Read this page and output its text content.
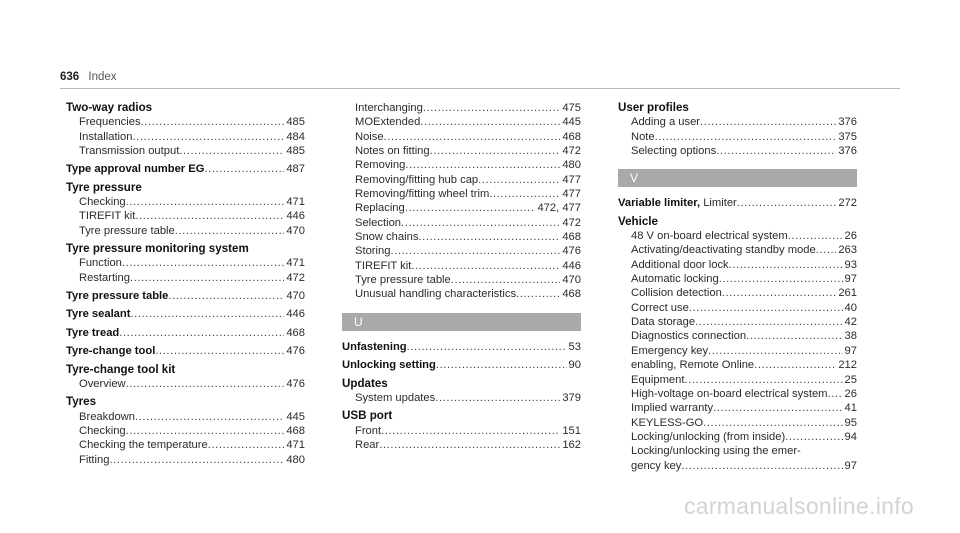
636 Index
Two-way radios
Frequencies .....	485
Installation .....	484
Transmission output .....	485
Type approval number EG .....	487
Tyre pressure
Checking .....	471
TIREFIT kit .....	446
Tyre pressure table .....	470
Tyre pressure monitoring system
Function .....	471
Restarting .....	472
Tyre pressure table .....	470
Tyre sealant .....	446
Tyre tread .....	468
Tyre-change tool .....	476
Tyre-change tool kit
Overview .....	476
Tyres
Breakdown .....	445
Checking .....	468
Checking the temperature .....	471
Fitting .....	480
Interchanging .....	475
MOExtended .....	445
Noise .....	468
Notes on fitting .....	472
Removing .....	480
Removing/fitting hub cap .....	477
Removing/fitting wheel trim .....	477
Replacing .....	472, 477
Selection .....	472
Snow chains .....	468
Storing .....	476
TIREFIT kit .....	446
Tyre pressure table .....	470
Unusual handling characteristics .....	468
U
Unfastening .....	53
Unlocking setting .....	90
Updates
System updates .....	379
USB port
Front .....	151
Rear .....	162
User profiles
Adding a user .....	376
Note .....	375
Selecting options .....	376
V
Variable limiter, Limiter .....	272
Vehicle
48 V on-board electrical system .....	26
Activating/deactivating standby mode ..... 263
Additional door lock .....	93
Automatic locking .....	97
Collision detection .....	261
Correct use .....	40
Data storage .....	42
Diagnostics connection .....	38
Emergency key .....	97
enabling, Remote Online .....	212
Equipment .....	25
High-voltage on-board electrical system ..... 26
Implied warranty .....	41
KEYLESS-GO .....	95
Locking/unlocking (from inside) .....	94
Locking/unlocking using the emer-
gency key .....	97
carmanualsonline.info
